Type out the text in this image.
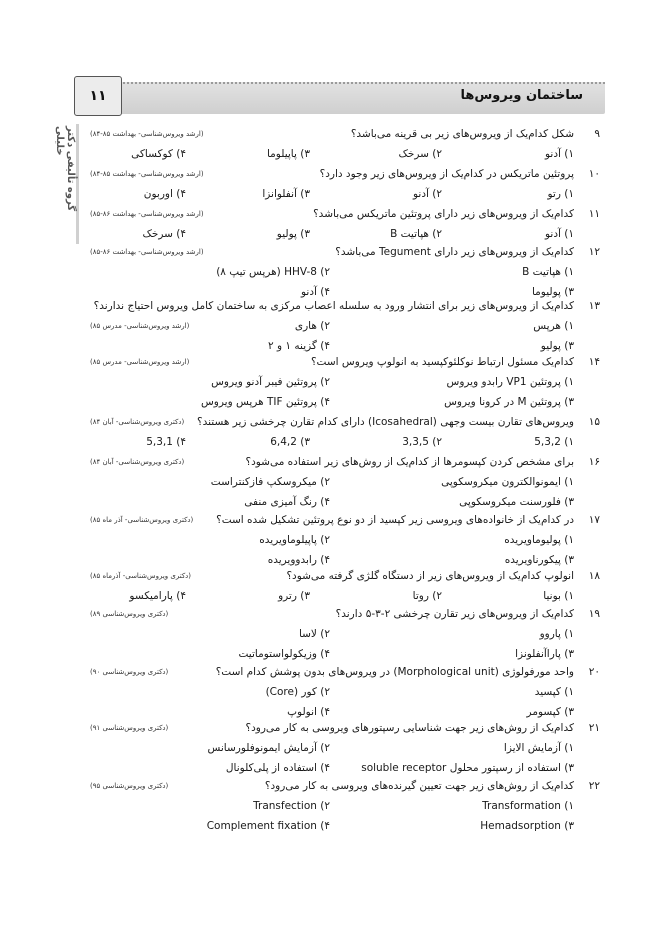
ساختمان ویروس‌ها
۱۱
گروه تألیفی دکتر خلیلی	۹
شکل کدام‌یک از ویروس‌های زیر بی‌ قرینه می‌باشد؟
(ارشد ویروس‌شناسی- بهداشت ۸۵-۸۴)
۱) آدنو
۲) سرخک
۳) پاپیلوما
۴) کوکساکی
۱۰
پروتئین ماتریکس در کدام‌یک از ویروس‌های زیر وجود دارد؟
(ارشد ویروس‌شناسی- بهداشت ۸۵-۸۴)
۱) رتو
۲) آدنو
۳) آنفلوانزا
۴) اوربون
۱۱
کدام‌یک از ویروس‌های زیر دارای پروتئین ماتریکس می‌باشد؟
(ارشد ویروس‌شناسی- بهداشت ۸۶-۸۵)
۱) آدنو
۲) هپاتیت B
۳) پولیو
۴) سرخک
۱۲
کدام‌یک از ویروس‌های زیر دارای Tegument می‌باشد؟
(ارشد ویروس‌شناسی- بهداشت ۸۶-۸۵)
۱) هپاتیت B
۲) HHV-8 (هرپس تیپ ۸)
۳) پولیوما
۴) آدنو
۱۳
کدام‌یک از ویروس‌های زیر برای انتشار ورود به سلسله اعصاب مرکزی به ساختمان کامل ویروس احتیاج ندارند؟
۱) هرپس
۲) هاری
(ارشد ویروس‌شناسی- مدرس ۸۵)
۳) پولیو
۴) گزینه ۱ و ۲
۱۴
کدام‌یک مسئول ارتباط نوکلئوکپسید به انولوپ ویروس است؟
(ارشد ویروس‌شناسی- مدرس ۸۵)
۱) پروتئین VP1 رابدو ویروس
۲) پروتئین فیبر آدنو ویروس
۳) پروتئین M در کرونا ویروس
۴) پروتئین TIF هرپس ویروس
۱۵
ویروس‌های تقارن بیست وجهی (Icosahedral) دارای کدام تقارن چرخشی زیر هستند؟
(دکتری ویروس‌شناسی- آبان ۸۴)
۱) 5,3,2
۲) 3,3,5
۳) 6,4,2
۴) 5,3,1
۱۶
برای مشخص کردن کپسومرها از کدام‌یک از روش‌های زیر استفاده می‌شود؟
(دکتری ویروس‌شناسی- آبان ۸۴)
۱) ایمونوالکترون میکروسکوپی
۲) میکروسکپ فازکنتراست
۳) فلورسنت میکروسکوپی
۴) رنگ آمیزی منفی
۱۷
در کدام‌یک از خانواده‌های ویروسی زیر کپسید از دو نوع پروتئین تشکیل شده است؟
(دکتری ویروس‌شناسی- آذر ماه ۸۵)
۱) پولیوماویریده
۲) پاپیلوماویریده
۳) پیکورناویریده
۴) رابدوویریده
۱۸
انولوپ کدام‌یک از ویروس‌های زیر از دستگاه گلژی گرفته می‌شود؟
(دکتری ویروس‌شناسی- آذرماه ۸۵)
۱) بونیا
۲) روتا
۳) رترو
۴) پارامیکسو
۱۹
کدام‌یک از ویروس‌های زیر تقارن چرخشی ۲-۳-۵ دارند؟
(دکتری ویروس‌شناسی ۸۹)
۱) پاروو
۲) لاسا
۳) پاراآنفلونزا
۴) وزیکولواستوماتیت
۲۰
واحد مورفولوژی (Morphological unit) در ویروس‌های بدون پوشش کدام است؟
(دکتری ویروس‌شناسی ۹۰)
۱) کپسید
۲) کور (Core)
۳) کپسومر
۴) انولوپ
۲۱
کدام‌یک از روش‌های زیر جهت شناسایی رسپتورهای ویروسی به کار می‌رود؟
(دکتری ویروس‌شناسی ۹۱)
۱) آزمایش الایزا
۲) آزمایش ایمونوفلورسانس
۳) استفاده از رسپتور محلول soluble receptor
۴) استفاده از پلی‌کلونال
۲۲
کدام‌یک از روش‌های زیر جهت تعیین گیرنده‌های ویروسی به کار می‌رود؟
(دکتری ویروس‌شناسی ۹۵)
۱) Transformation
۲) Transfection
۳) Hemadsorption
۴) Complement fixation
